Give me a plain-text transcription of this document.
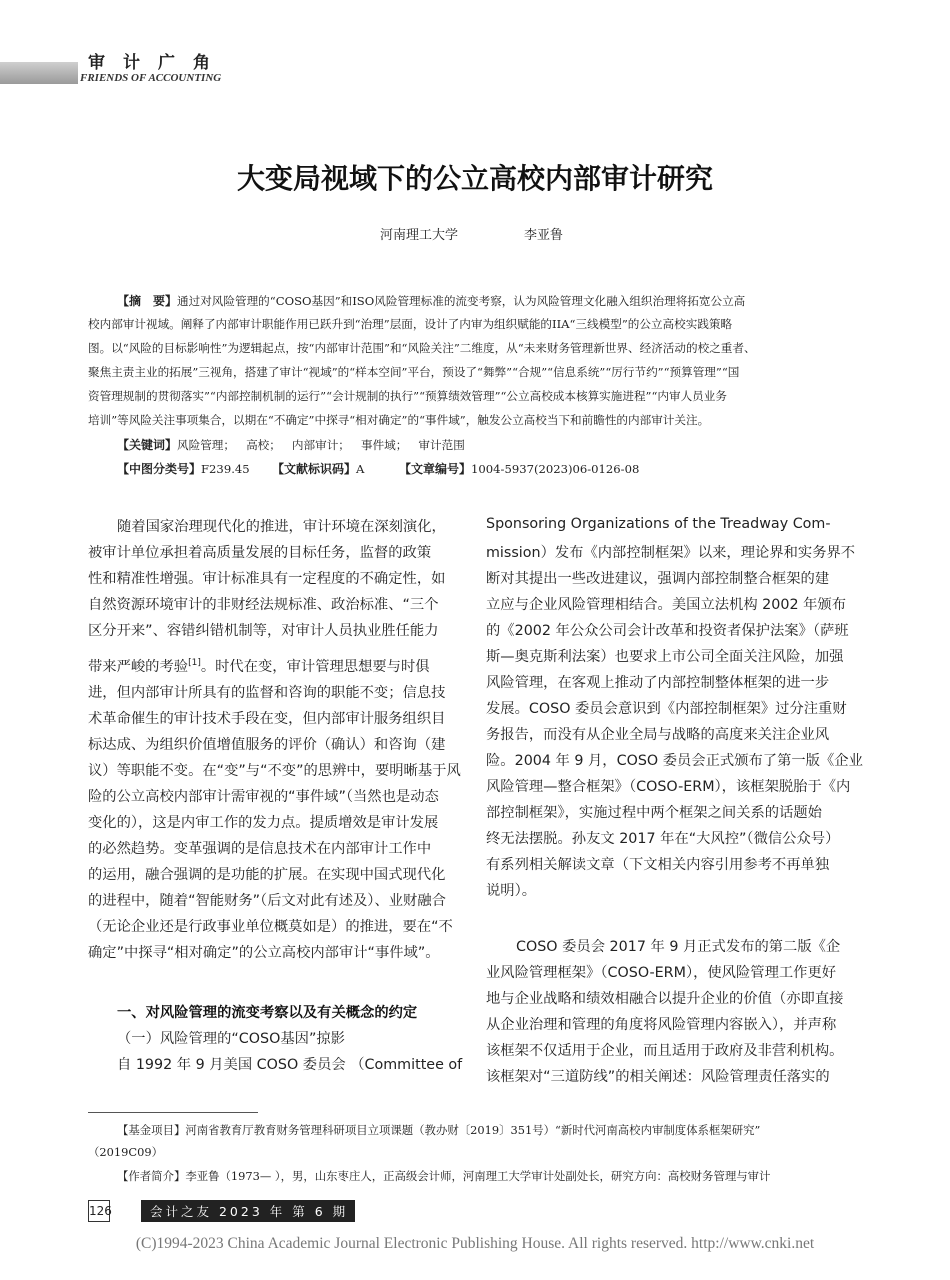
审计广角
FRIENDS OF ACCOUNTING
大变局视域下的公立高校内部审计研究
河南理工大学	李亚鲁
【摘　要】通过对风险管理的“COSO基因”和ISO风险管理标准的流变考察，认为风险管理文化融入组织治理将拓宽公立高
校内部审计视域。阐释了内部审计职能作用已跃升到“治理”层面，设计了内审为组织赋能的IIA“三线模型”的公立高校实践策略
图。以“风险的目标影响性”为逻辑起点，按“内部审计范围”和“风险关注”二维度，从“未来财务管理新世界、经济活动的校之重者、
聚焦主责主业的拓展”三视角，搭建了审计“视域”的“样本空间”平台，预设了“舞弊”“合规”“信息系统”“厉行节约”“预算管理”“国
资管理规制的贯彻落实”“内部控制机制的运行”“会计规制的执行”“预算绩效管理”“公立高校成本核算实施进程”“内审人员业务
培训”等风险关注事项集合，以期在“不确定”中探寻“相对确定”的“事件域”，触发公立高校当下和前瞻性的内部审计关注。
【关键词】风险管理； 高校； 内部审计； 事件域； 审计范围
【中图分类号】F239.45 【文献标识码】A	【文章编号】1004-5937(2023)06-0126-08
随着国家治理现代化的推进，审计环境在深刻演化，
被审计单位承担着高质量发展的目标任务，监督的政策
性和精准性增强。审计标准具有一定程度的不确定性，如
自然资源环境审计的非财经法规标准、政治标准、“三个
区分开来”、容错纠错机制等，对审计人员执业胜任能力
带来严峻的考验[1]。时代在变，审计管理思想要与时俱
进，但内部审计所具有的监督和咨询的职能不变；信息技
术革命催生的审计技术手段在变，但内部审计服务组织目
标达成、为组织价值增值服务的评价（确认）和咨询（建
议）等职能不变。在“变”与“不变”的思辨中，要明晰基于风
险的公立高校内部审计需审视的“事件域”（当然也是动态
变化的），这是内审工作的发力点。提质增效是审计发展
的必然趋势。变革强调的是信息技术在内部审计工作中
的运用，融合强调的是功能的扩展。在实现中国式现代化
的进程中，随着“智能财务”（后文对此有述及）、业财融合
（无论企业还是行政事业单位概莫如是）的推进，要在“不
确定”中探寻“相对确定”的公立高校内部审计“事件域”。
一、对风险管理的流变考察以及有关概念的约定
（一）风险管理的“COSO基因”掠影
自 1992 年 9 月美国 COSO 委员会 （Committee of
Sponsoring Organizations of the Treadway Com-
mission）发布《内部控制框架》以来，理论界和实务界不
断对其提出一些改进建议，强调内部控制整合框架的建
立应与企业风险管理相结合。美国立法机构 2002 年颁布
的《2002 年公众公司会计改革和投资者保护法案》（萨班
斯—奥克斯利法案）也要求上市公司全面关注风险，加强
风险管理，在客观上推动了内部控制整体框架的进一步
发展。COSO 委员会意识到《内部控制框架》过分注重财
务报告，而没有从企业全局与战略的高度来关注企业风
险。2004 年 9 月，COSO 委员会正式颁布了第一版《企业
风险管理—整合框架》（COSO-ERM），该框架脱胎于《内
部控制框架》，实施过程中两个框架之间关系的话题始
终无法摆脱。孙友文 2017 年在“大风控”（微信公众号）
有系列相关解读文章（下文相关内容引用参考不再单独
说明）。
COSO 委员会 2017 年 9 月正式发布的第二版《企
业风险管理框架》（COSO-ERM），使风险管理工作更好
地与企业战略和绩效相融合以提升企业的价值（亦即直接
从企业治理和管理的角度将风险管理内容嵌入），并声称
该框架不仅适用于企业，而且适用于政府及非营利机构。
该框架对“三道防线”的相关阐述：风险管理责任落实的
【基金项目】河南省教育厅教育财务管理科研项目立项课题（教办财〔2019〕351号）“新时代河南高校内审制度体系框架研究”
（2019C09）
【作者简介】李亚鲁（1973— ），男，山东枣庄人，正高级会计师，河南理工大学审计处副处长，研究方向：高校财务管理与审计
126	会计之友 2023 年 第 6 期
(C)1994-2023 China Academic Journal Electronic Publishing House. All rights reserved. http://www.cnki.net
